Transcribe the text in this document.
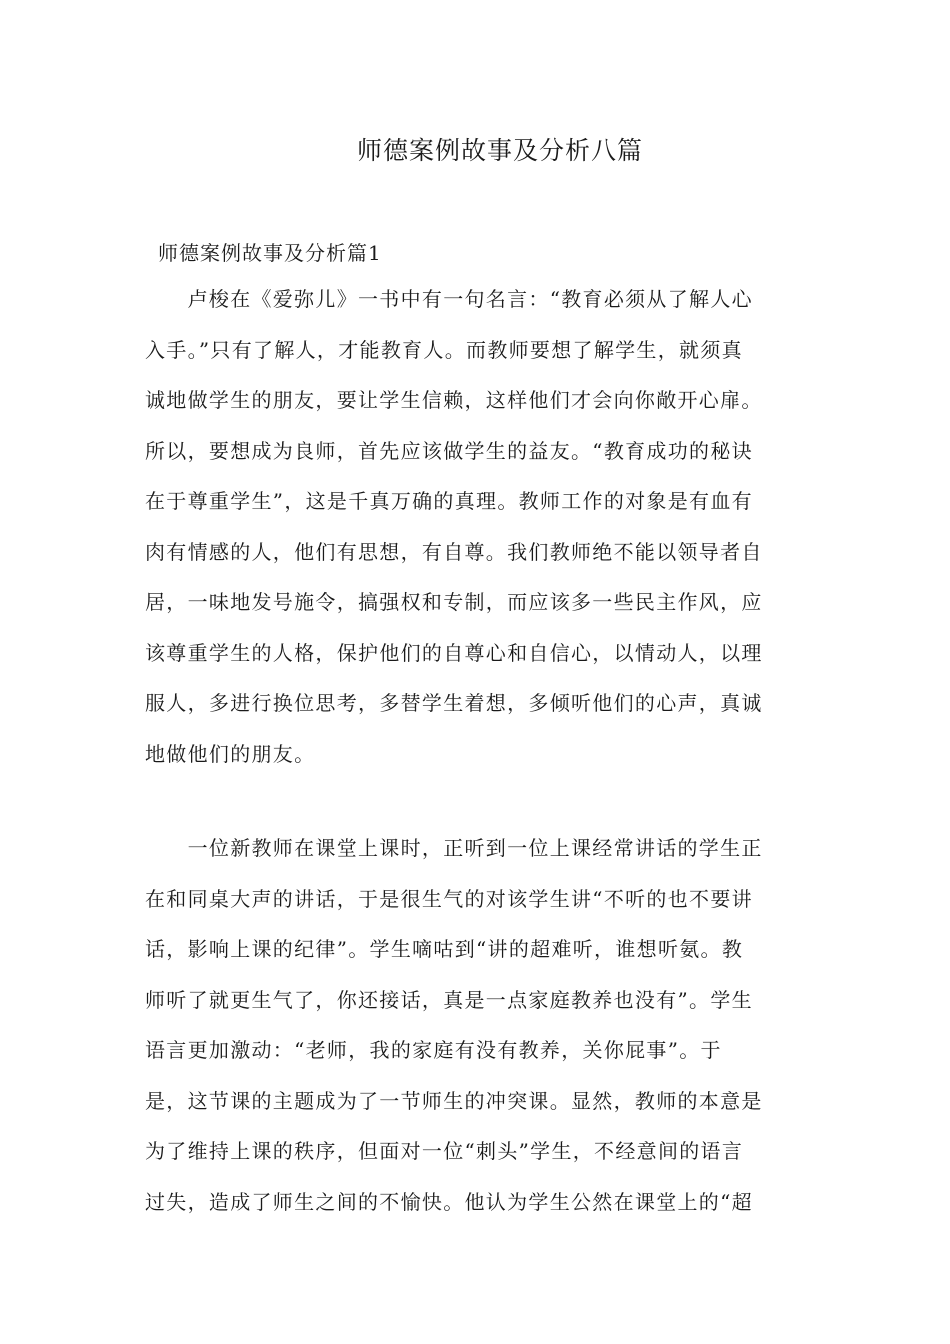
师德案例故事及分析八篇
师德案例故事及分析篇1

　　卢梭在《爱弥儿》一书中有一句名言：“教育必须从了解人心
入手。”只有了解人，才能教育人。而教师要想了解学生，就须真
诚地做学生的朋友，要让学生信赖，这样他们才会向你敞开心扉。
所以，要想成为良师，首先应该做学生的益友。“教育成功的秘诀
在于尊重学生”，这是千真万确的真理。教师工作的对象是有血有
肉有情感的人，他们有思想，有自尊。我们教师绝不能以领导者自
居，一味地发号施令，搞强权和专制，而应该多一些民主作风，应
该尊重学生的人格，保护他们的自尊心和自信心，以情动人，以理
服人，多进行换位思考，多替学生着想，多倾听他们的心声，真诚
地做他们的朋友。

　　一位新教师在课堂上课时，正听到一位上课经常讲话的学生正
在和同桌大声的讲话，于是很生气的对该学生讲“不听的也不要讲
话，影响上课的纪律”。学生嘀咕到“讲的超难听，谁想听氨。教
师听了就更生气了，你还接话，真是一点家庭教养也没有”。学生
语言更加激动：“老师，我的家庭有没有教养，关你屁事”。于
是，这节课的主题成为了一节师生的冲突课。显然，教师的本意是
为了维持上课的秩序，但面对一位“刺头”学生，不经意间的语言
过失，造成了师生之间的不愉快。他认为学生公然在课堂上的“超
